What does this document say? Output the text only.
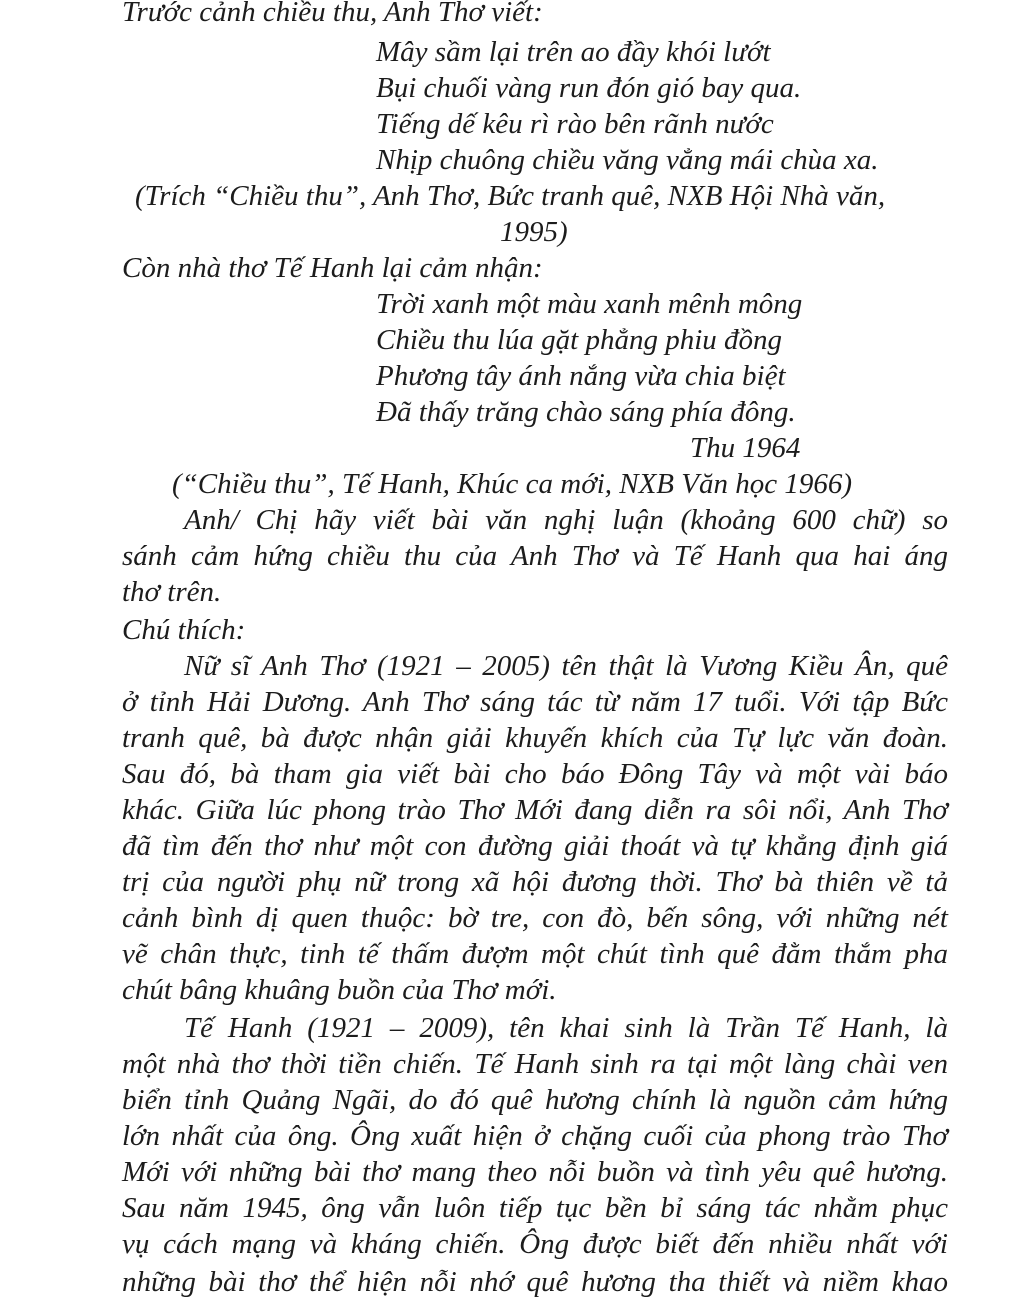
Trước cảnh chiều thu, Anh Thơ viết:

Mây sầm lại trên ao đầy khói lướt

Bụi chuối vàng run đón gió bay qua.

Tiếng dế kêu rì rào bên rãnh nước

Nhịp chuông chiều văng vẳng mái chùa xa.

(Trích “Chiều thu”, Anh Thơ, Bức tranh quê, NXB Hội Nhà văn,

1995)

Còn nhà thơ Tế Hanh lại cảm nhận:

Trời xanh một màu xanh mênh mông

Chiều thu lúa gặt phẳng phiu đồng

Phương tây ánh nắng vừa chia biệt

Đã thấy trăng chào sáng phía đông.

Thu 1964

(“Chiều thu”, Tế Hanh, Khúc ca mới, NXB Văn học 1966)

Anh/ Chị hãy viết bài văn nghị luận (khoảng 600 chữ) so

sánh cảm hứng chiều thu của Anh Thơ và Tế Hanh qua hai áng

thơ trên.

Chú thích:

Nữ sĩ Anh Thơ (1921 – 2005) tên thật là Vương Kiều Ân, quê

ở tỉnh Hải Dương. Anh Thơ sáng tác từ năm 17 tuổi. Với tập Bức

tranh quê, bà được nhận giải khuyến khích của Tự lực văn đoàn.

Sau đó, bà tham gia viết bài cho báo Đông Tây và một vài báo

khác. Giữa lúc phong trào Thơ Mới đang diễn ra sôi nổi, Anh Thơ

đã tìm đến thơ như một con đường giải thoát và tự khẳng định giá

trị của người phụ nữ trong xã hội đương thời. Thơ bà thiên về tả

cảnh bình dị quen thuộc: bờ tre, con đò, bến sông, với những nét

vẽ chân thực, tinh tế thấm đượm một chút tình quê đằm thắm pha

chút bâng khuâng buồn của Thơ mới.

Tế Hanh (1921 – 2009), tên khai sinh là Trần Tế Hanh, là

một nhà thơ thời tiền chiến. Tế Hanh sinh ra tại một làng chài ven

biển tỉnh Quảng Ngãi, do đó quê hương chính là nguồn cảm hứng

lớn nhất của ông. Ông xuất hiện ở chặng cuối của phong trào Thơ

Mới với những bài thơ mang theo nỗi buồn và tình yêu quê hương.

Sau năm 1945, ông vẫn luôn tiếp tục bền bỉ sáng tác nhằm phục

vụ cách mạng và kháng chiến. Ông được biết đến nhiều nhất với

những bài thơ thể hiện nỗi nhớ quê hương tha thiết và niềm khao
